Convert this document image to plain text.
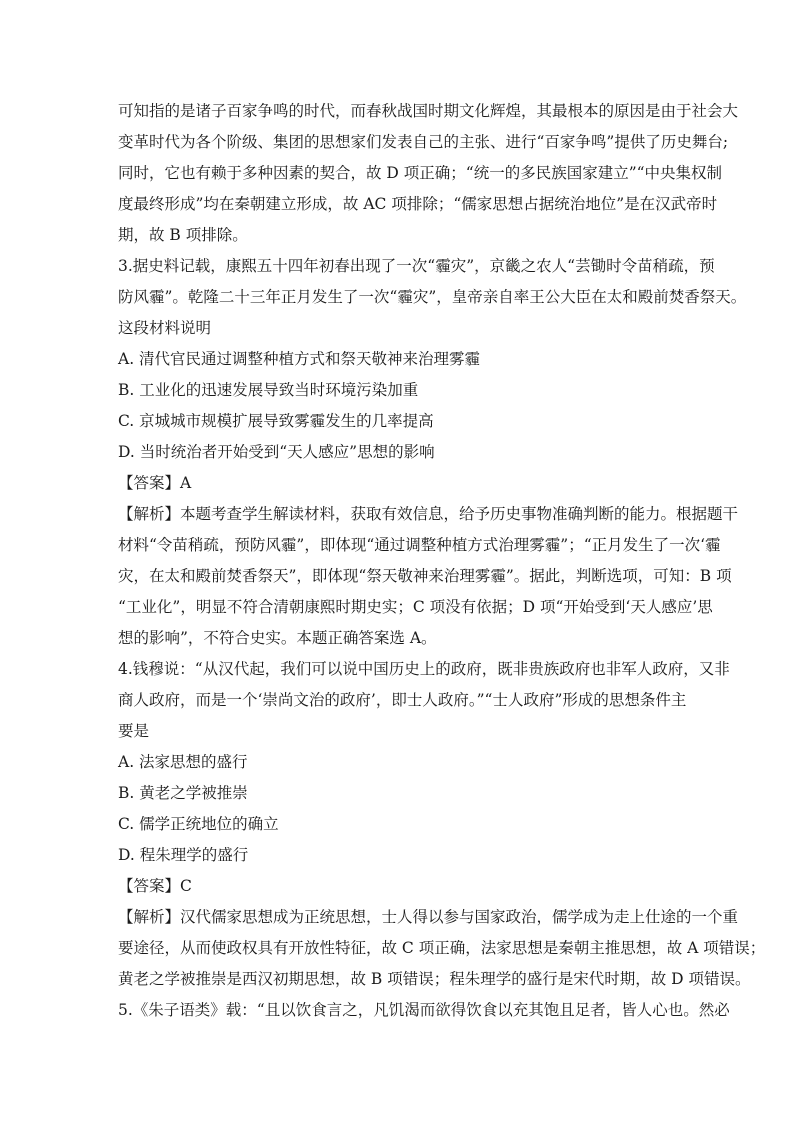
可知指的是诸子百家争鸣的时代，而春秋战国时期文化辉煌，其最根本的原因是由于社会大
变革时代为各个阶级、集团的思想家们发表自己的主张、进行“百家争鸣”提供了历史舞台;
同时，它也有赖于多种因素的契合，故 D 项正确；“统一的多民族国家建立”“中央集权制
度最终形成”均在秦朝建立形成，故 AC 项排除；“儒家思想占据统治地位”是在汉武帝时
期，故 B 项排除。
3.据史料记载，康熙五十四年初春出现了一次“霾灾”，京畿之农人“芸锄时令苗稍疏，预
防风霾”。乾隆二十三年正月发生了一次“霾灾”，皇帝亲自率王公大臣在太和殿前焚香祭天。
这段材料说明
A. 清代官民通过调整种植方式和祭天敬神来治理雾霾
B. 工业化的迅速发展导致当时环境污染加重
C. 京城城市规模扩展导致雾霾发生的几率提高
D. 当时统治者开始受到“天人感应”思想的影响
【答案】A
【解析】本题考查学生解读材料，获取有效信息，给予历史事物准确判断的能力。根据题干
材料“令苗稍疏，预防风霾”，即体现“通过调整种植方式治理雾霾”；“正月发生了一次‘霾
灾，在太和殿前焚香祭天”，即体现“祭天敬神来治理雾霾”。据此，判断选项，可知：B 项
“工业化”，明显不符合清朝康熙时期史实；C 项没有依据；D 项“开始受到‘天人感应’思
想的影响”，不符合史实。本题正确答案选 A。
4.钱穆说：“从汉代起，我们可以说中国历史上的政府，既非贵族政府也非军人政府，又非
商人政府，而是一个‘崇尚文治的政府’，即士人政府。”“士人政府”形成的思想条件主
要是
A. 法家思想的盛行
B. 黄老之学被推崇
C. 儒学正统地位的确立
D. 程朱理学的盛行
【答案】C
【解析】汉代儒家思想成为正统思想，士人得以参与国家政治，儒学成为走上仕途的一个重
要途径，从而使政权具有开放性特征，故 C 项正确，法家思想是秦朝主推思想，故 A 项错误；
黄老之学被推崇是西汉初期思想，故 B 项错误；程朱理学的盛行是宋代时期，故 D 项错误。
5.《朱子语类》载：“且以饮食言之，凡饥渴而欲得饮食以充其饱且足者，皆人心也。然必
